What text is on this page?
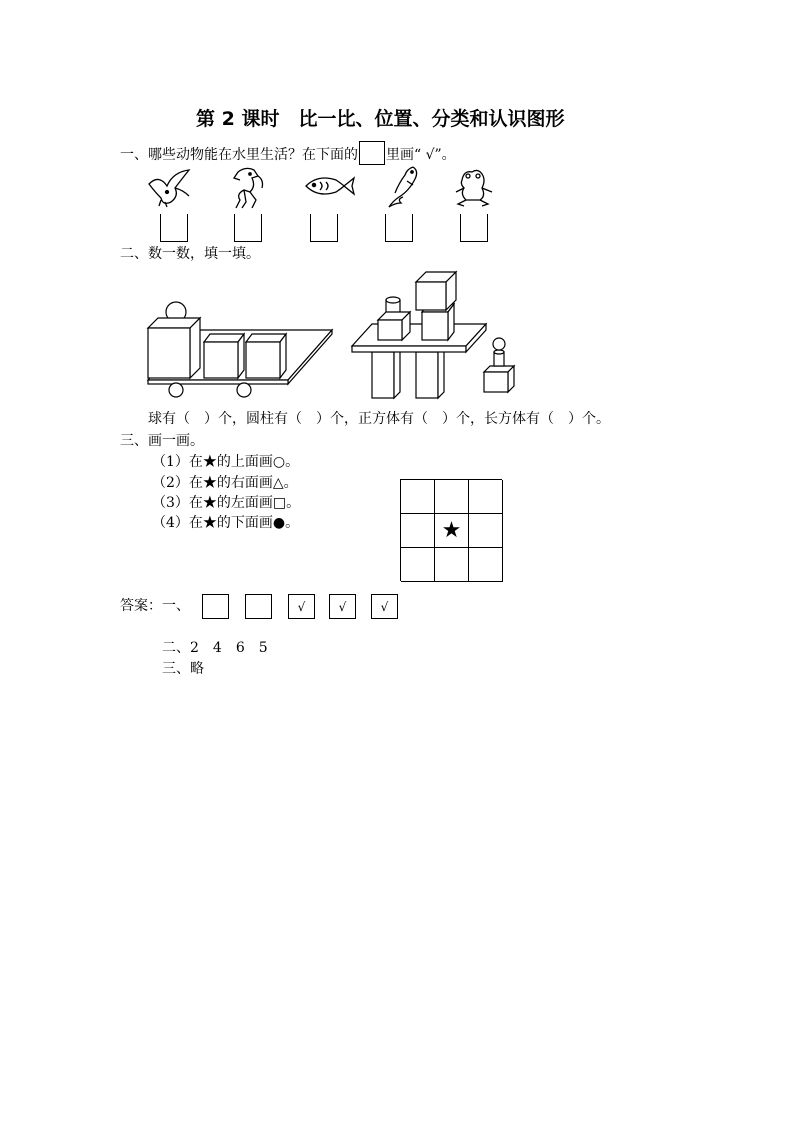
第 2 课时　比一比、位置、分类和认识图形
一、哪些动物能在水里生活？在下面的 里画“ √”。
二、数一数，填一填。
球有（　）个，圆柱有（　）个，正方体有（　）个，长方体有（　）个。
三、画一画。
（1）在★的上面画○。
（2）在★的右面画△。
（3）在★的左面画□。
（4）在★的下面画●。	★
答案：一、	√	√	√
二、2　4　6　5
三、略
